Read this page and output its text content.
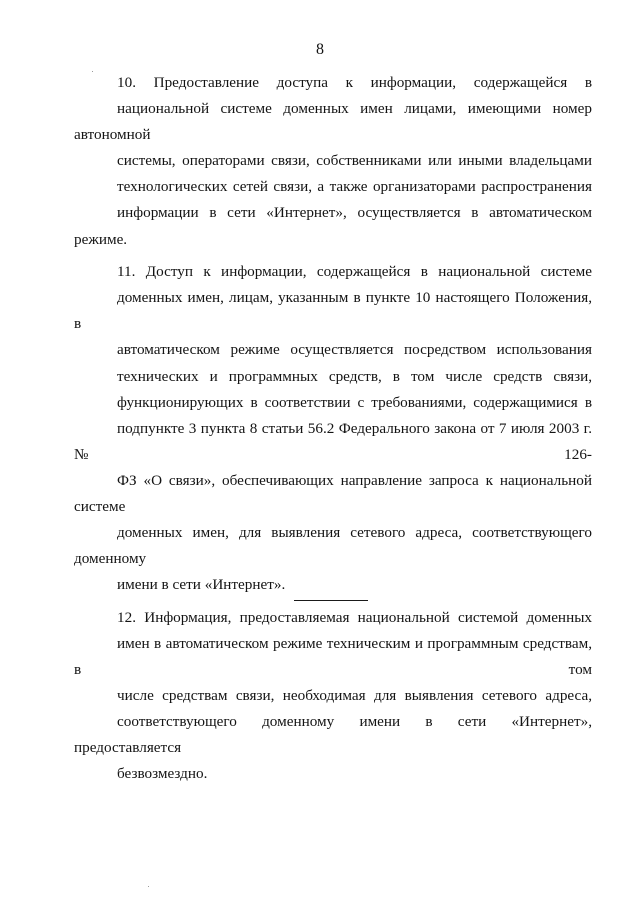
8
10. Предоставление доступа к информации, содержащейся в
национальной системе доменных имен лицами, имеющими номер автономной
системы, операторами связи, собственниками или иными владельцами
технологических сетей связи, а также организаторами распространения
информации в сети «Интернет», осуществляется в автоматическом режиме.
11. Доступ к информации, содержащейся в национальной системе
доменных имен, лицам, указанным в пункте 10 настоящего Положения, в
автоматическом режиме осуществляется посредством использования
технических и программных средств, в том числе средств связи,
функционирующих в соответствии с требованиями, содержащимися в
подпункте 3 пункта 8 статьи 56.2 Федерального закона от 7 июля 2003 г. № 126-
ФЗ «О связи», обеспечивающих направление запроса к национальной системе
доменных имен, для выявления сетевого адреса, соответствующего доменному
имени в сети «Интернет».
12. Информация, предоставляемая национальной системой доменных
имен в автоматическом режиме техническим и программным средствам, в том
числе средствам связи, необходимая для выявления сетевого адреса,
соответствующего доменному имени в сети «Интернет», предоставляется
безвозмездно.
